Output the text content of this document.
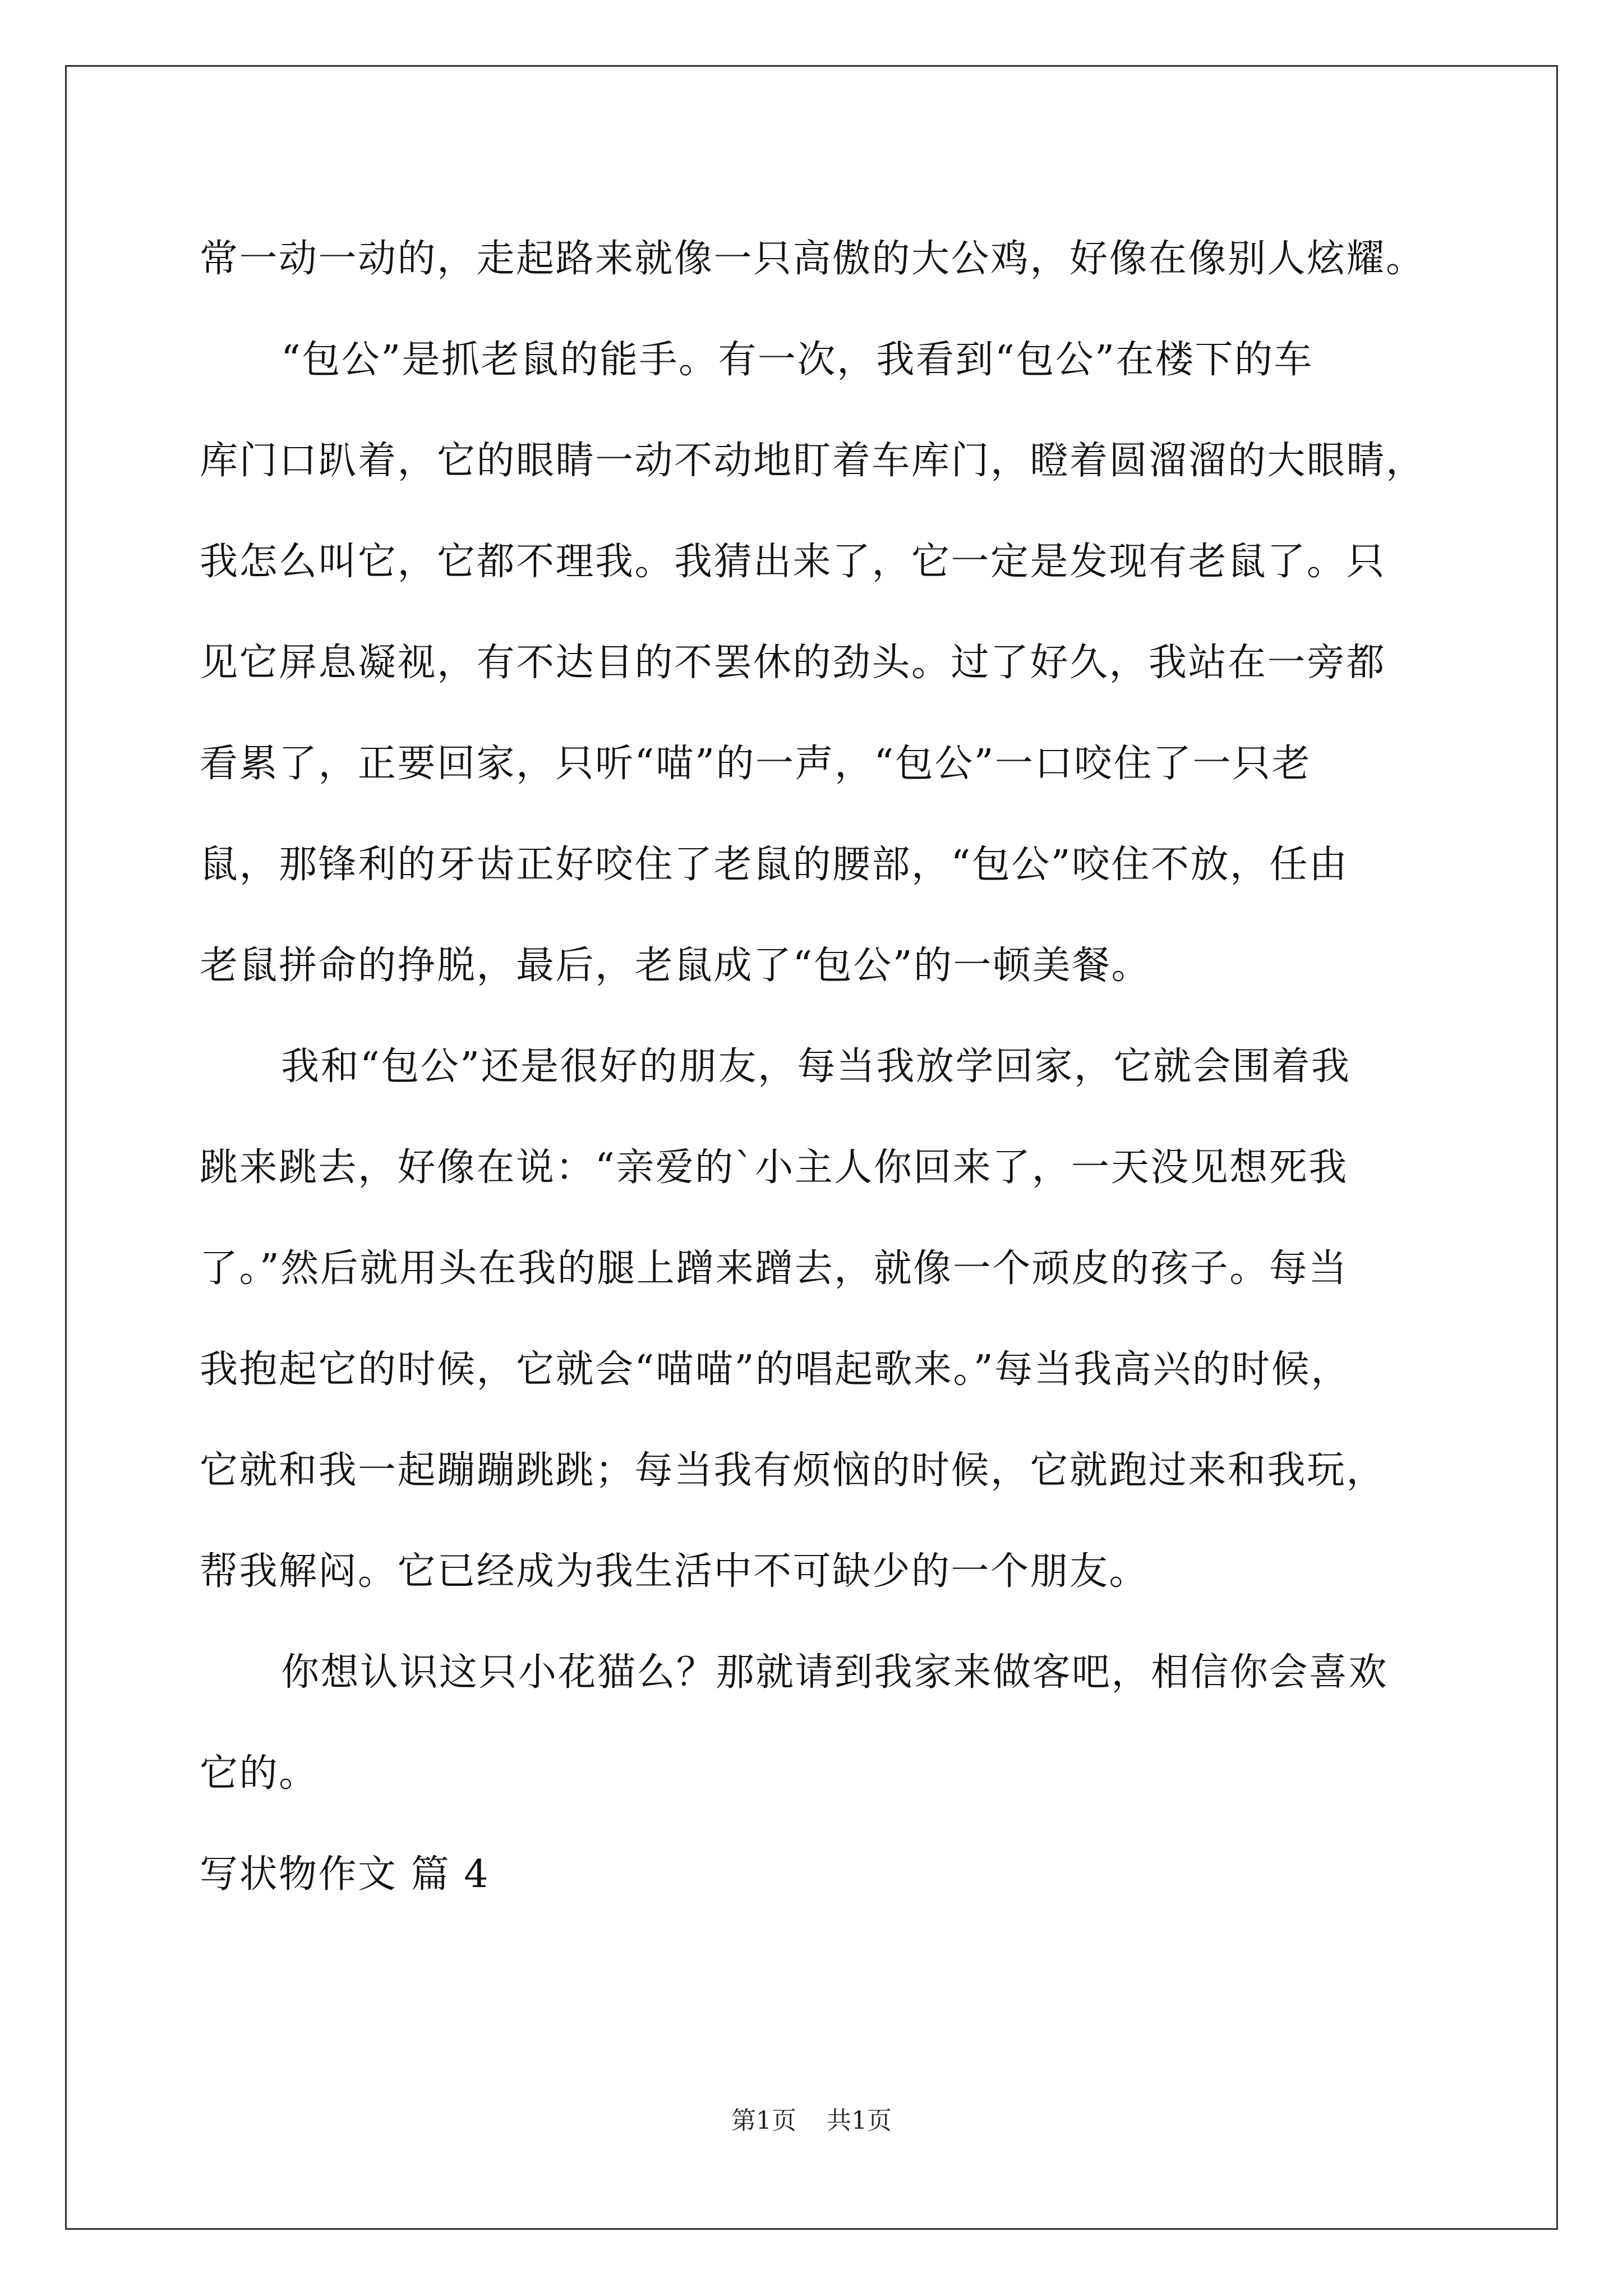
常一动一动的，走起路来就像一只高傲的大公鸡，好像在像别人炫耀。
“包公”是抓老鼠的能手。有一次，我看到“包公”在楼下的车
库门口趴着，它的眼睛一动不动地盯着车库门，瞪着圆溜溜的大眼睛，
我怎么叫它，它都不理我。我猜出来了，它一定是发现有老鼠了。只
见它屏息凝视，有不达目的不罢休的劲头。过了好久，我站在一旁都
看累了，正要回家，只听“喵”的一声，“包公”一口咬住了一只老
鼠，那锋利的牙齿正好咬住了老鼠的腰部，“包公”咬住不放，任由
老鼠拼命的挣脱，最后，老鼠成了“包公”的一顿美餐。
我和“包公”还是很好的朋友，每当我放学回家，它就会围着我
跳来跳去，好像在说：“亲爱的`小主人你回来了，一天没见想死我
了。”然后就用头在我的腿上蹭来蹭去，就像一个顽皮的孩子。每当
我抱起它的时候，它就会“喵喵”的唱起歌来。”每当我高兴的时候，
它就和我一起蹦蹦跳跳；每当我有烦恼的时候，它就跑过来和我玩，
帮我解闷。它已经成为我生活中不可缺少的一个朋友。
你想认识这只小花猫么？那就请到我家来做客吧，相信你会喜欢
它的。
写状物作文 篇 4
第1页 共1页
